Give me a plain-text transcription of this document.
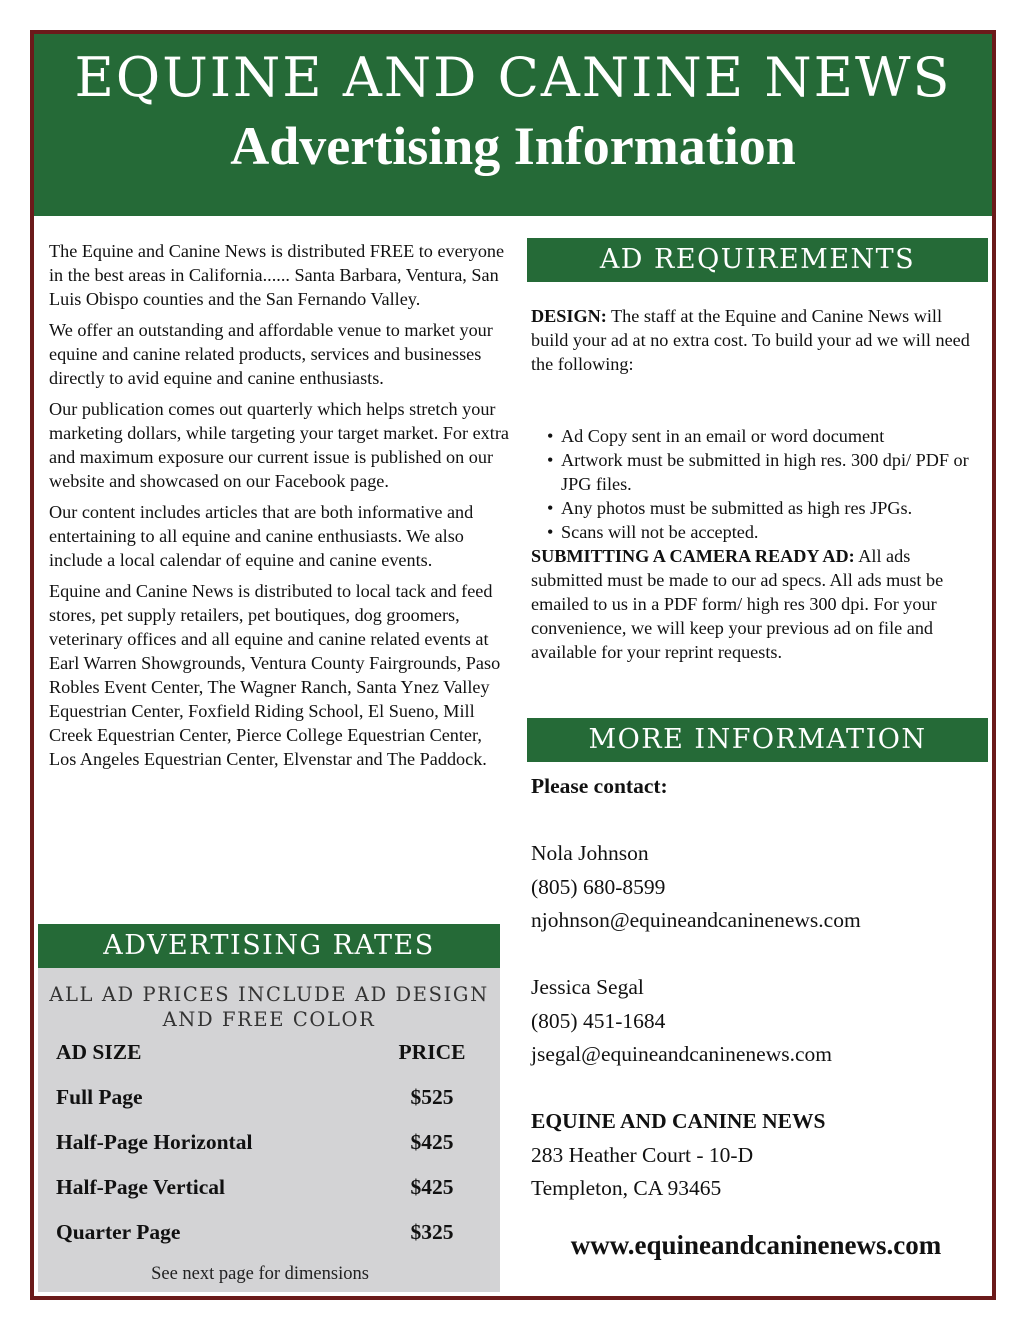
EQUINE AND CANINE NEWS
Advertising Information

The Equine and Canine News is distributed FREE to everyone in the best areas in California...... Santa Barbara, Ventura, San Luis Obispo counties and the San Fernando Valley.

We offer an outstanding and affordable venue to market your equine and canine related products, services and businesses directly to avid equine and canine enthusiasts.

Our publication comes out quarterly which helps stretch your marketing dollars, while targeting your target market. For extra and maximum exposure our current issue is published on our website and showcased on our Facebook page.

Our content includes articles that are both informative and entertaining to all equine and canine enthusiasts. We also include a local calendar of equine and canine events.

Equine and Canine News is distributed to local tack and feed stores, pet supply retailers, pet boutiques, dog groomers, veterinary offices and all equine and canine related events at Earl Warren Showgrounds, Ventura County Fairgrounds, Paso Robles Event Center, The Wagner Ranch, Santa Ynez Valley Equestrian Center, Foxfield Riding School, El Sueno, Mill Creek Equestrian Center, Pierce College Equestrian Center, Los Angeles Equestrian Center, Elvenstar and The Paddock.

ADVERTISING RATES
ALL AD PRICES INCLUDE AD DESIGN AND FREE COLOR
AD SIZE	PRICE
Full Page	$525
Half-Page Horizontal	$425
Half-Page Vertical	$425
Quarter Page	$325
See next page for dimensions
AD REQUIREMENTS

DESIGN: The staff at the Equine and Canine News will build your ad at no extra cost. To build your ad we will need the following:

• Ad Copy sent in an email or word document
• Artwork must be submitted in high res. 300 dpi/ PDF or JPG files.
• Any photos must be submitted as high res JPGs.
• Scans will not be accepted.

SUBMITTING A CAMERA READY AD: All ads submitted must be made to our ad specs. All ads must be emailed to us in a PDF form/ high res 300 dpi. For your convenience, we will keep your previous ad on file and available for your reprint requests.

MORE INFORMATION
Please contact:
Nola Johnson
(805) 680-8599
njohnson@equineandcaninenews.com
Jessica Segal
(805) 451-1684
jsegal@equineandcaninenews.com
EQUINE AND CANINE NEWS
283 Heather Court - 10-D
Templeton, CA 93465
www.equineandcaninenews.com
